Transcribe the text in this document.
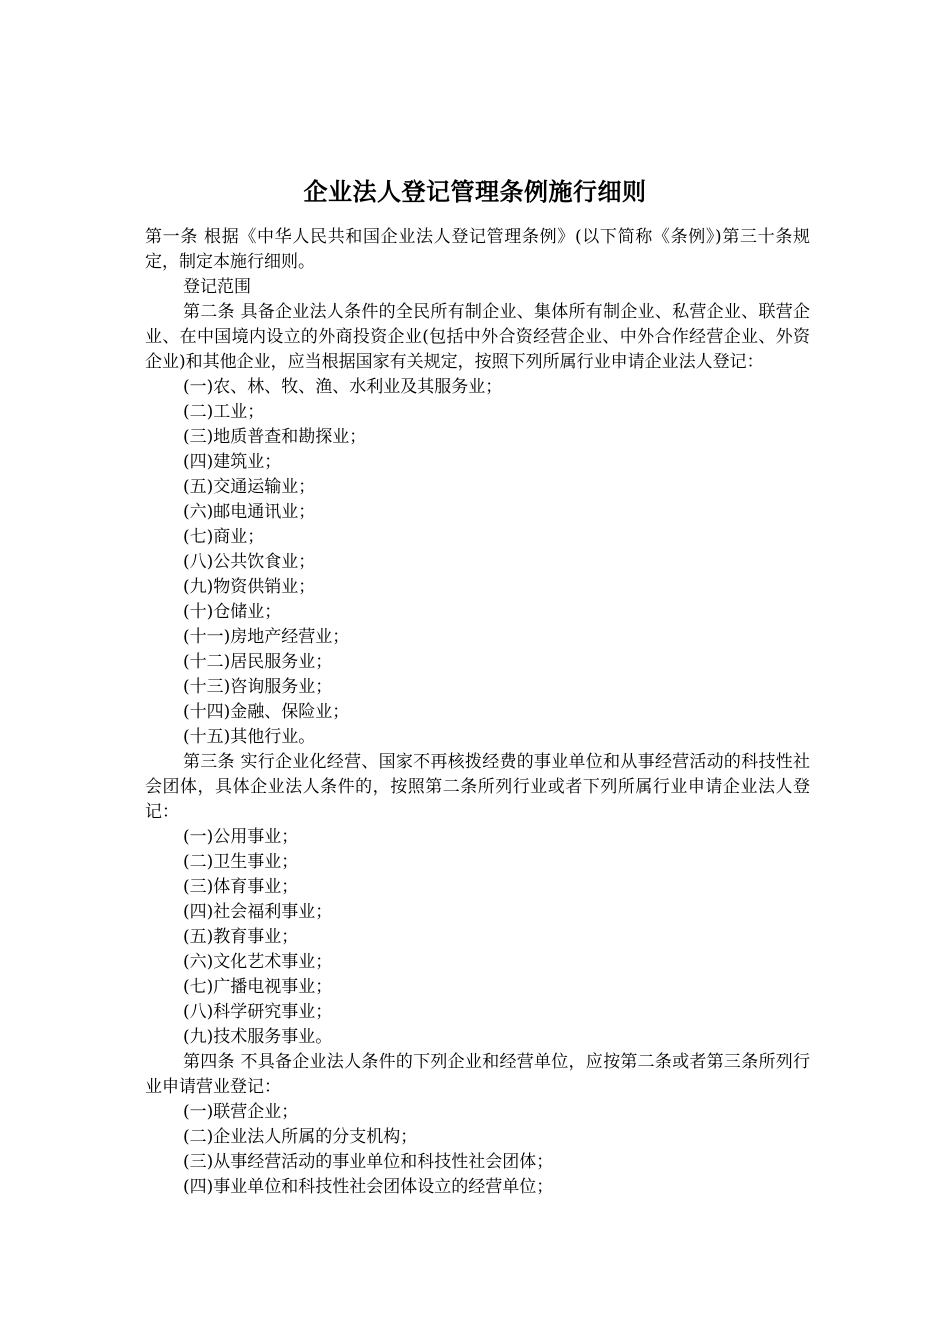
企业法人登记管理条例施行细则

第一条 根据《中华人民共和国企业法人登记管理条例》(以下简称《条例》)第三十条规定，制定本施行细则。

登记范围

第二条 具备企业法人条件的全民所有制企业、集体所有制企业、私营企业、联营企业、在中国境内设立的外商投资企业(包括中外合资经营企业、中外合作经营企业、外资企业)和其他企业，应当根据国家有关规定，按照下列所属行业申请企业法人登记：

(一)农、林、牧、渔、水利业及其服务业；

(二)工业；

(三)地质普查和勘探业；

(四)建筑业；

(五)交通运输业；

(六)邮电通讯业；

(七)商业；

(八)公共饮食业；

(九)物资供销业；

(十)仓储业；

(十一)房地产经营业；

(十二)居民服务业；

(十三)咨询服务业；

(十四)金融、保险业；

(十五)其他行业。

第三条 实行企业化经营、国家不再核拨经费的事业单位和从事经营活动的科技性社会团体，具体企业法人条件的，按照第二条所列行业或者下列所属行业申请企业法人登记：

(一)公用事业；

(二)卫生事业；

(三)体育事业；

(四)社会福利事业；

(五)教育事业；

(六)文化艺术事业；

(七)广播电视事业；

(八)科学研究事业；

(九)技术服务事业。

第四条 不具备企业法人条件的下列企业和经营单位，应按第二条或者第三条所列行业申请营业登记：

(一)联营企业；

(二)企业法人所属的分支机构；

(三)从事经营活动的事业单位和科技性社会团体；

(四)事业单位和科技性社会团体设立的经营单位；
